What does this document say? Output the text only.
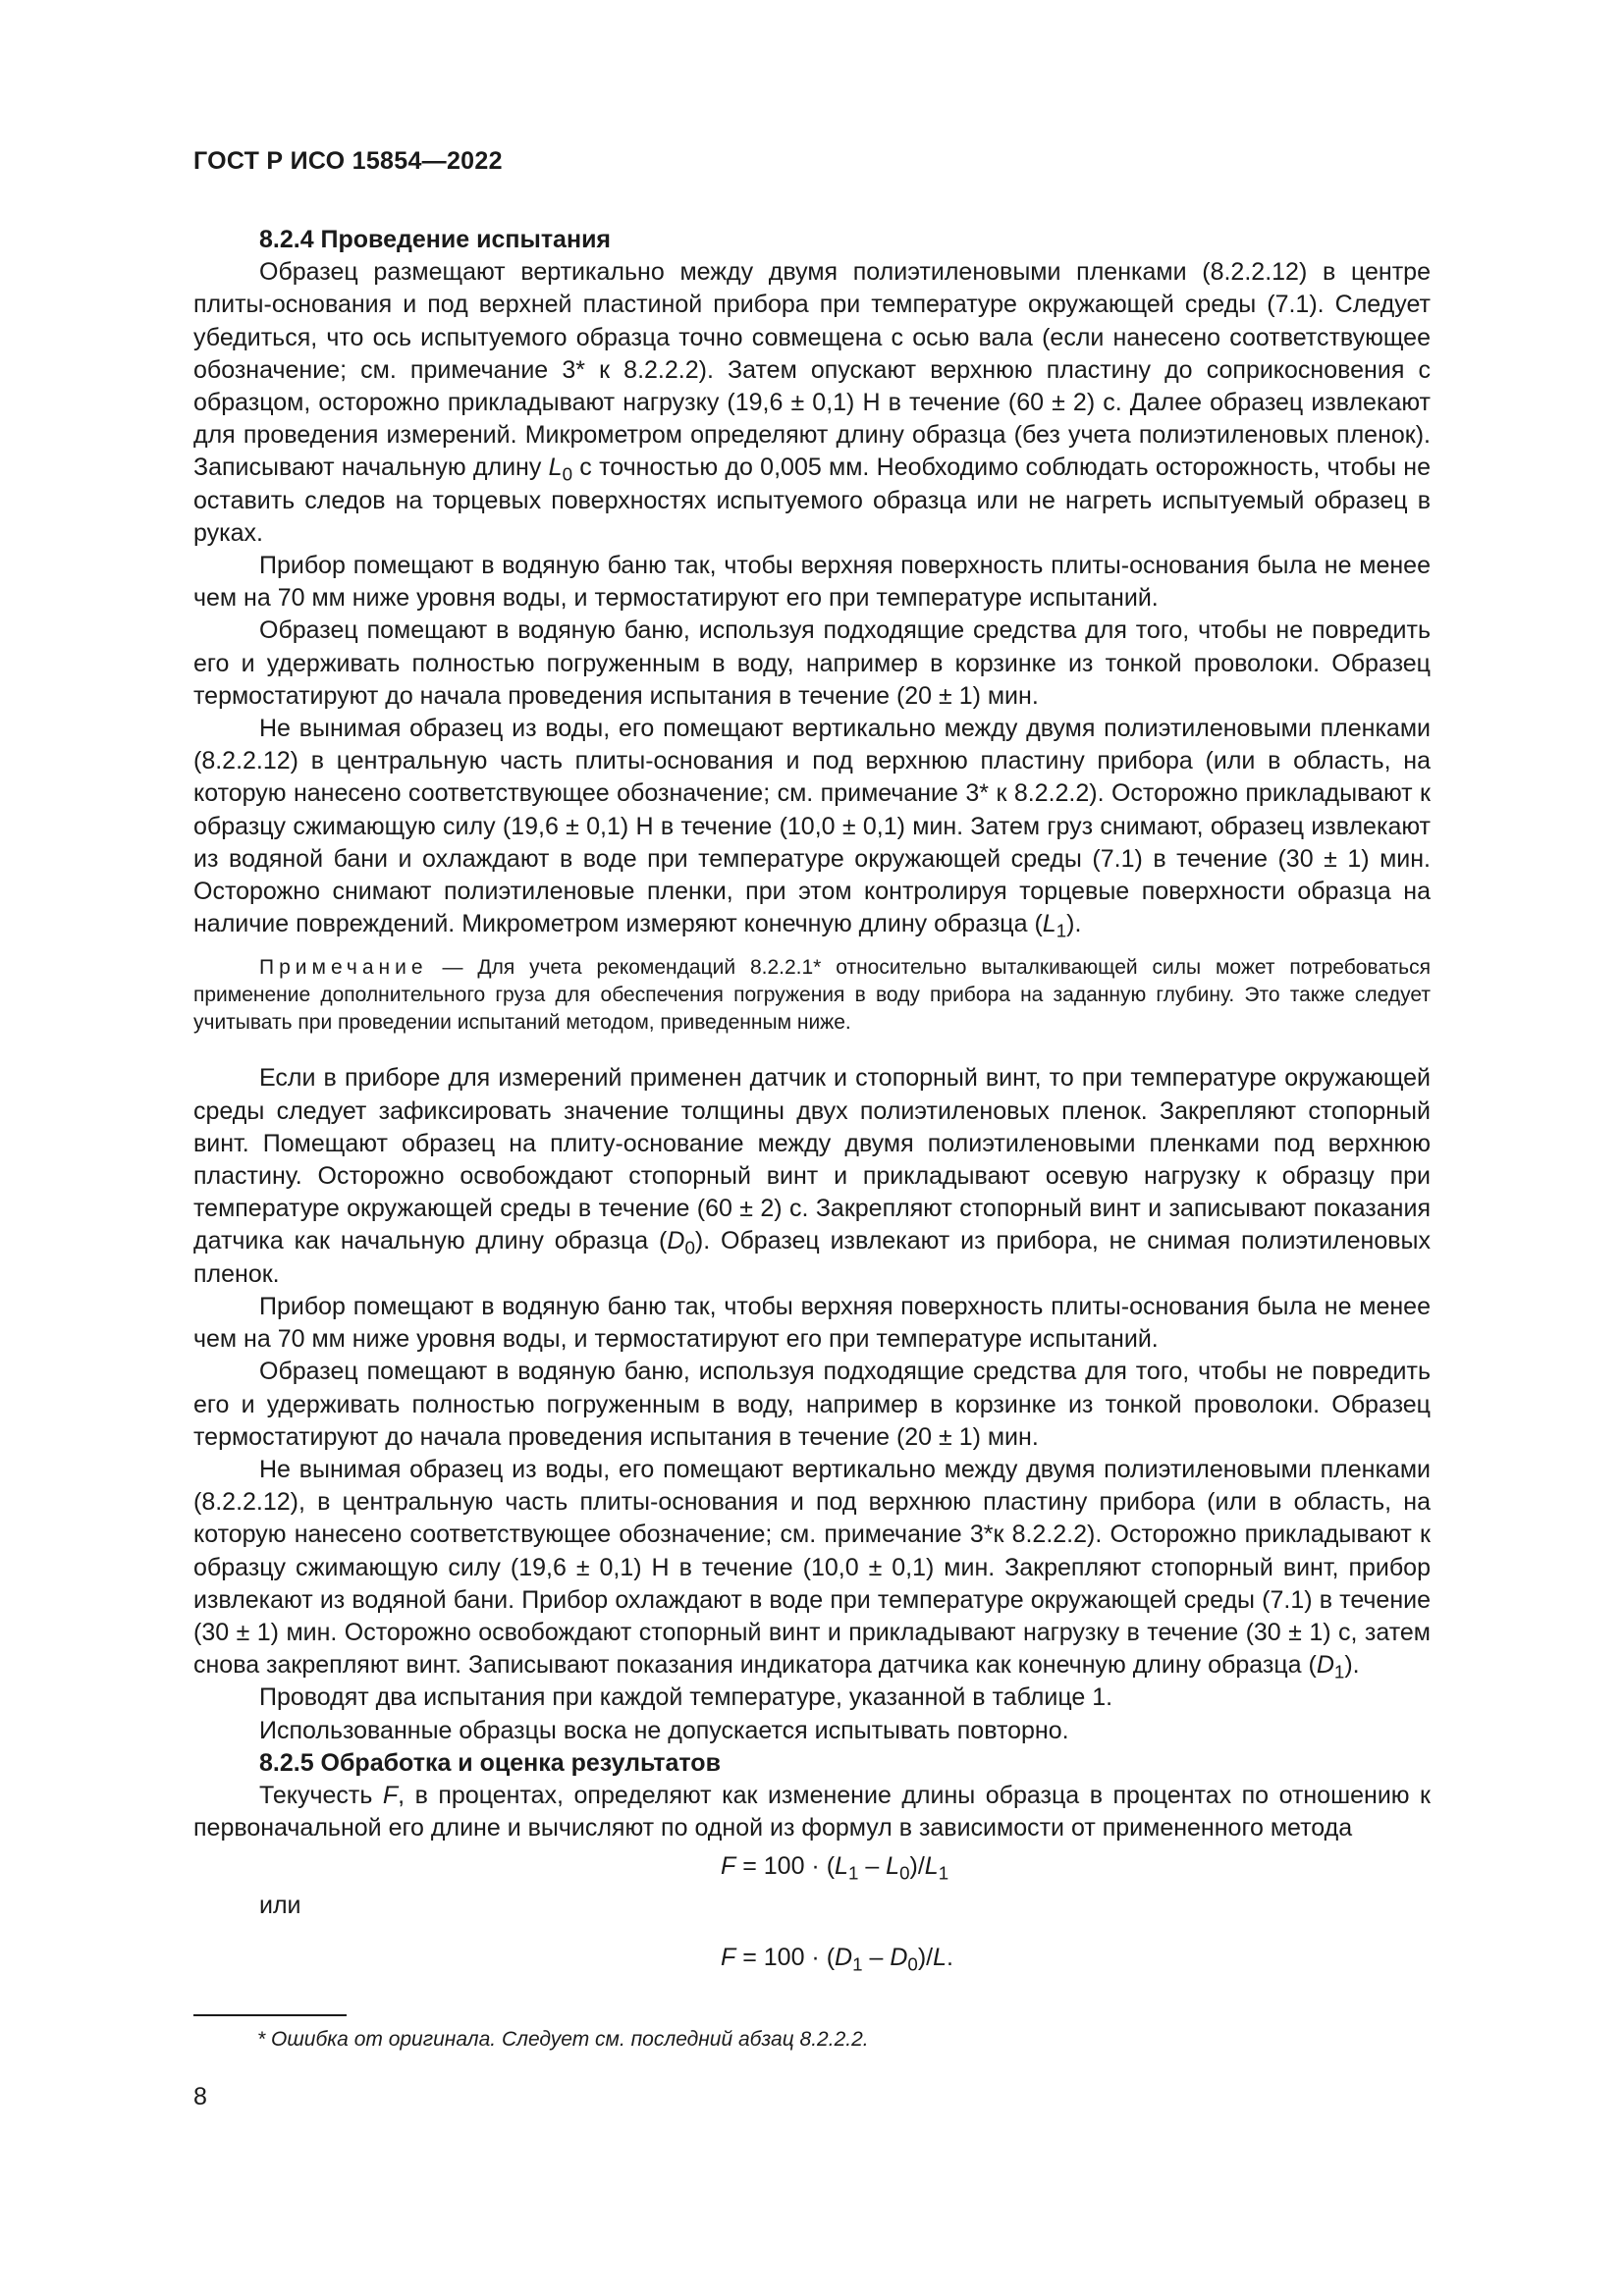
ГОСТ Р ИСО 15854—2022

8.2.4 Проведение испытания

Образец размещают вертикально между двумя полиэтиленовыми пленками (8.2.2.12) в центре плиты-основания и под верхней пластиной прибора при температуре окружающей среды (7.1). Следует убедиться, что ось испытуемого образца точно совмещена с осью вала (если нанесено соответствующее обозначение; см. примечание 3* к 8.2.2.2). Затем опускают верхнюю пластину до соприкосновения с образцом, осторожно прикладывают нагрузку (19,6 ± 0,1) Н в течение (60 ± 2) с. Далее образец извлекают для проведения измерений. Микрометром определяют длину образца (без учета полиэтиленовых пленок). Записывают начальную длину $L_0$ с точностью до 0,005 мм. Необходимо соблюдать осторожность, чтобы не оставить следов на торцевых поверхностях испытуемого образца или не нагреть испытуемый образец в руках.

Прибор помещают в водяную баню так, чтобы верхняя поверхность плиты-основания была не менее чем на 70 мм ниже уровня воды, и термостатируют его при температуре испытаний.

Образец помещают в водяную баню, используя подходящие средства для того, чтобы не повредить его и удерживать полностью погруженным в воду, например в корзинке из тонкой проволоки. Образец термостатируют до начала проведения испытания в течение (20 ± 1) мин.

Не вынимая образец из воды, его помещают вертикально между двумя полиэтиленовыми пленками (8.2.2.12) в центральную часть плиты-основания и под верхнюю пластину прибора (или в область, на которую нанесено соответствующее обозначение; см. примечание 3* к 8.2.2.2). Осторожно прикладывают к образцу сжимающую силу (19,6 ± 0,1) Н в течение (10,0 ± 0,1) мин. Затем груз снимают, образец извлекают из водяной бани и охлаждают в воде при температуре окружающей среды (7.1) в течение (30 ± 1) мин. Осторожно снимают полиэтиленовые пленки, при этом контролируя торцевые поверхности образца на наличие повреждений. Микрометром измеряют конечную длину образца $(L_1)$.

Примечание — Для учета рекомендаций 8.2.2.1* относительно выталкивающей силы может потребоваться применение дополнительного груза для обеспечения погружения в воду прибора на заданную глубину. Это также следует учитывать при проведении испытаний методом, приведенным ниже.

Если в приборе для измерений применен датчик и стопорный винт, то при температуре окружающей среды следует зафиксировать значение толщины двух полиэтиленовых пленок. Закрепляют стопорный винт. Помещают образец на плиту-основание между двумя полиэтиленовыми пленками под верхнюю пластину. Осторожно освобождают стопорный винт и прикладывают осевую нагрузку к образцу при температуре окружающей среды в течение (60 ± 2) с. Закрепляют стопорный винт и записывают показания датчика как начальную длину образца $(D_0)$. Образец извлекают из прибора, не снимая полиэтиленовых пленок.

Прибор помещают в водяную баню так, чтобы верхняя поверхность плиты-основания была не менее чем на 70 мм ниже уровня воды, и термостатируют его при температуре испытаний.

Образец помещают в водяную баню, используя подходящие средства для того, чтобы не повредить его и удерживать полностью погруженным в воду, например в корзинке из тонкой проволоки. Образец термостатируют до начала проведения испытания в течение (20 ± 1) мин.

Не вынимая образец из воды, его помещают вертикально между двумя полиэтиленовыми пленками (8.2.2.12), в центральную часть плиты-основания и под верхнюю пластину прибора (или в область, на которую нанесено соответствующее обозначение; см. примечание 3*к 8.2.2.2). Осторожно прикладывают к образцу сжимающую силу (19,6 ± 0,1) Н в течение (10,0 ± 0,1) мин. Закрепляют стопорный винт, прибор извлекают из водяной бани. Прибор охлаждают в воде при температуре окружающей среды (7.1) в течение (30 ± 1) мин. Осторожно освобождают стопорный винт и прикладывают нагрузку в течение (30 ± 1) с, затем снова закрепляют винт. Записывают показания индикатора датчика как конечную длину образца $(D_1)$.

Проводят два испытания при каждой температуре, указанной в таблице 1.

Использованные образцы воска не допускается испытывать повторно.

8.2.5 Обработка и оценка результатов

Текучесть F, в процентах, определяют как изменение длины образца в процентах по отношению к первоначальной его длине и вычисляют по одной из формул в зависимости от примененного метода

$F = 100 \cdot (L_1 - L_0)/L_1$

или

$F = 100 \cdot (D_1 - D_0)/L$.

* Ошибка от оригинала. Следует см. последний абзац 8.2.2.2.
8
